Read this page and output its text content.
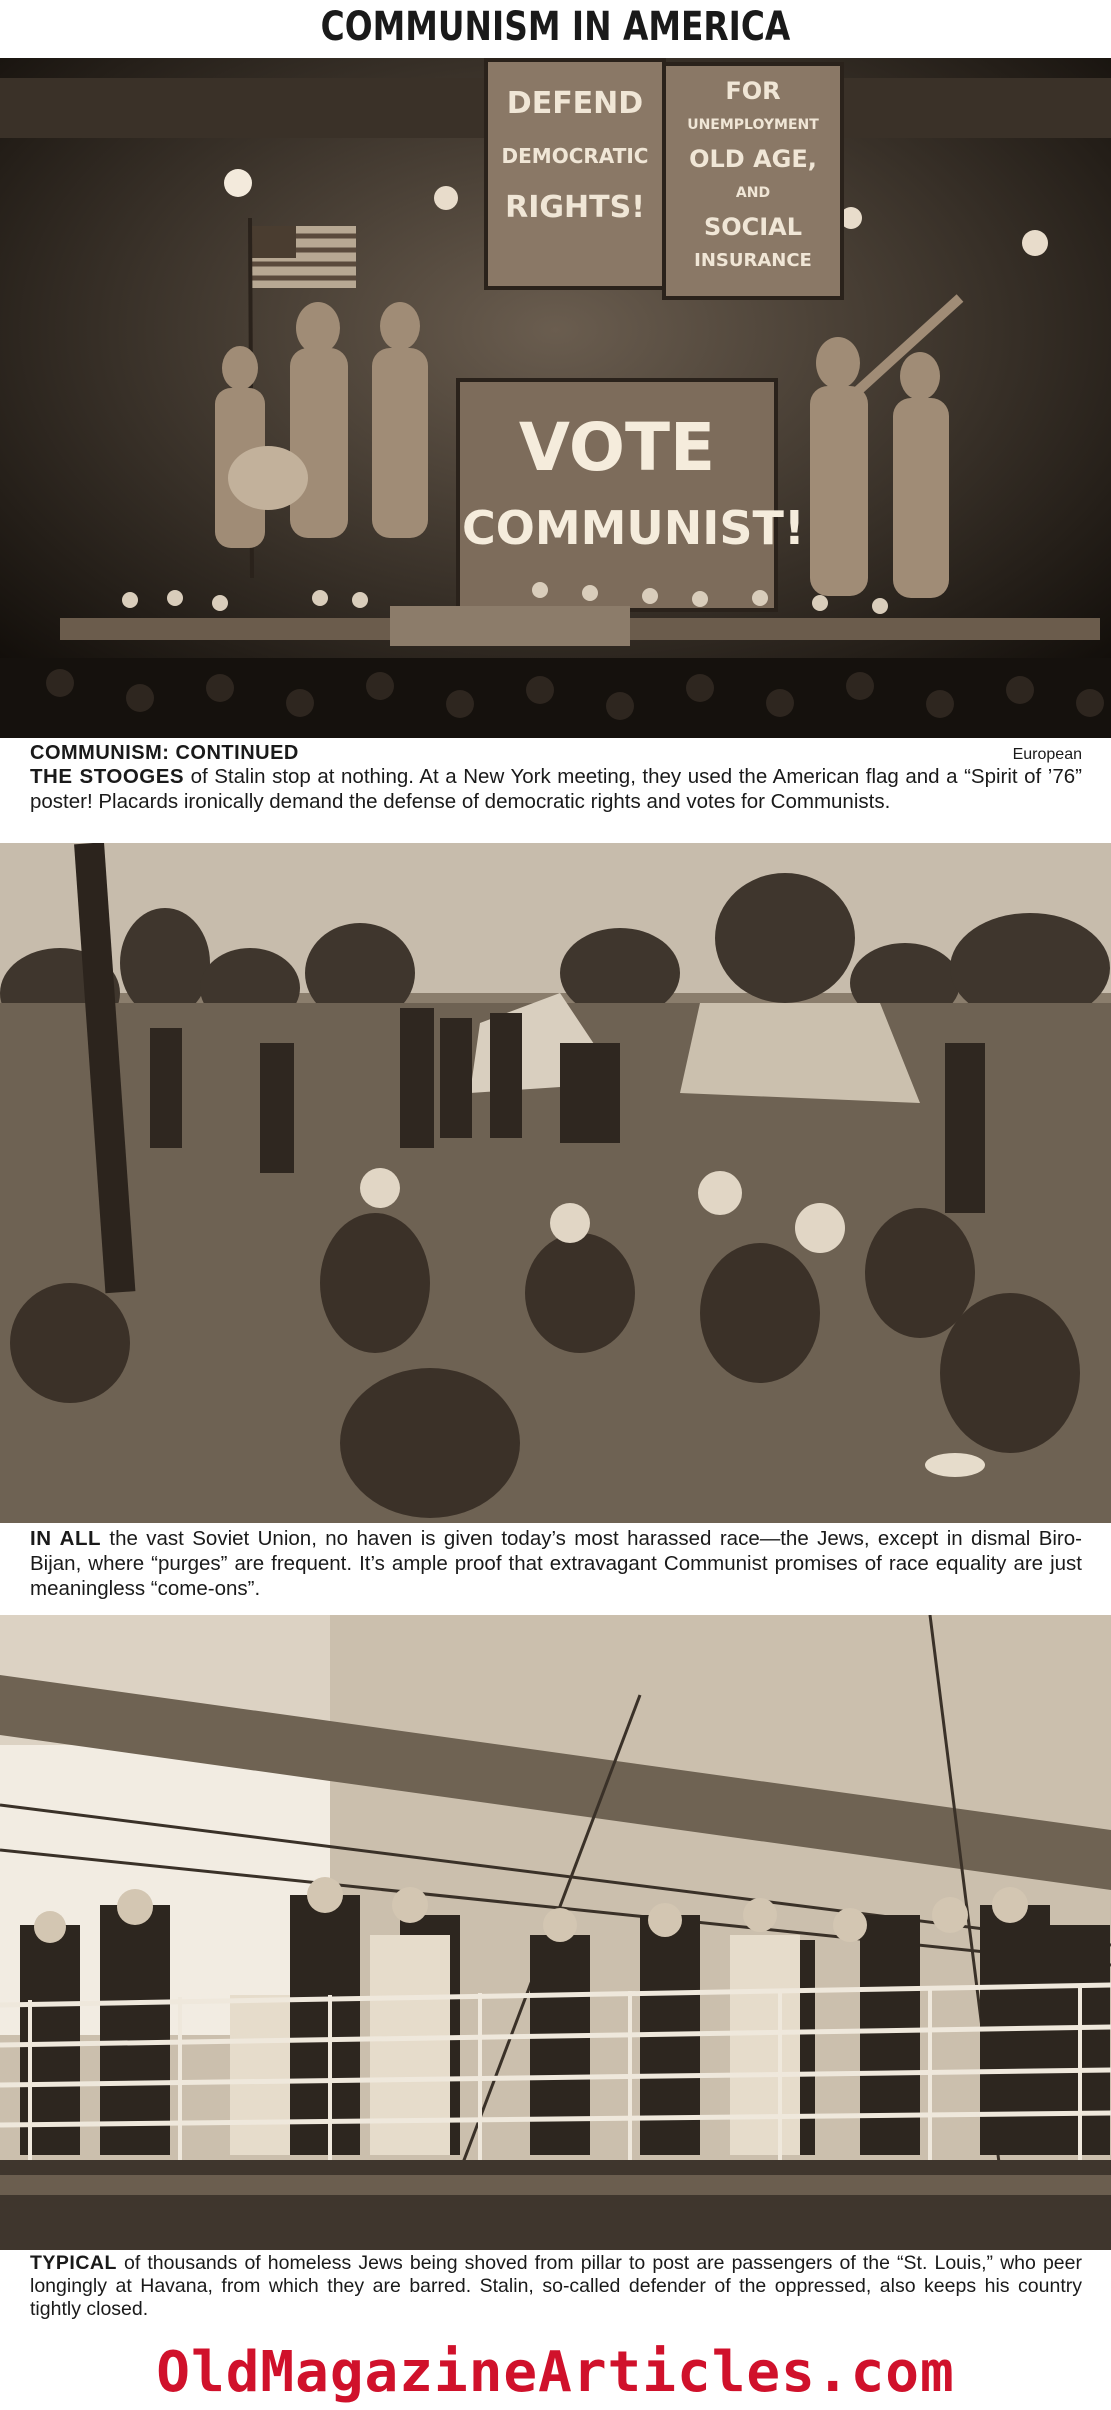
COMMUNISM IN AMERICA
DEFEND
DEMOCRATIC
RIGHTS!
FOR
UNEMPLOYMENT
OLD AGE,
AND
SOCIAL
INSURANCE
VOTE
COMMUNIST!
COMMUNISM: CONTINUED	European
THE STOOGES of Stalin stop at nothing. At a New York meeting, they used the American flag and a “Spirit of ’76” poster! Placards ironically demand the defense of democratic rights and votes for Communists.
IN ALL the vast Soviet Union, no haven is given today’s most harassed race—the Jews, except in dismal Biro-Bijan, where “purges” are frequent. It’s ample proof that extravagant Communist promises of race equality are just meaningless “come-ons”.
TYPICAL of thousands of homeless Jews being shoved from pillar to post are passengers of the “St. Louis,” who peer longingly at Havana, from which they are barred. Stalin, so-called defender of the oppressed, also keeps his country tightly closed.
OldMagazineArticles.com
